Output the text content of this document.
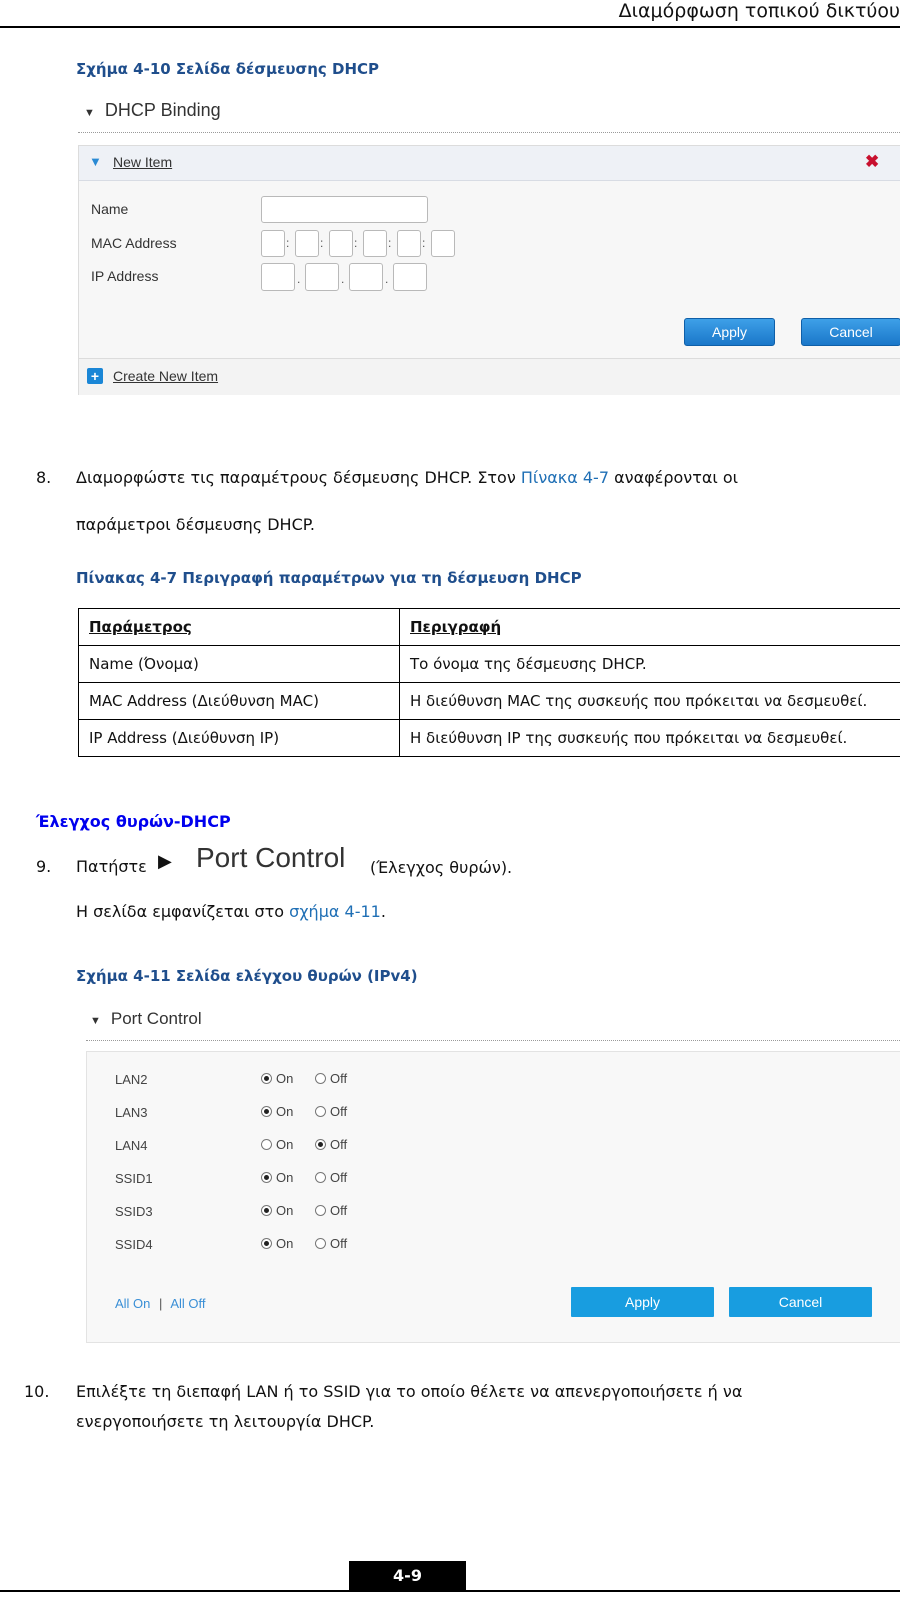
Διαμόρφωση τοπικού δικτύου
Σχήμα 4-10 Σελίδα δέσμευσης DHCP
▼ DHCP Binding
▼ New Item	✖
Name
MAC Address	:	:	:	:	:
IP Address	.	.	.
Apply	Cancel
+ Create New Item
8. Διαμορφώστε τις παραμέτρους δέσμευσης DHCP. Στον Πίνακα 4-7 αναφέρονται οι
παράμετροι δέσμευσης DHCP.
Πίνακας 4-7 Περιγραφή παραμέτρων για τη δέσμευση DHCP
Παράμετρος	Περιγραφή
Name (Όνομα)	Το όνομα της δέσμευσης DHCP.
MAC Address (Διεύθυνση MAC)	Η διεύθυνση MAC της συσκευής που πρόκειται να δεσμευθεί.
IP Address (Διεύθυνση IP)	Η διεύθυνση IP της συσκευής που πρόκειται να δεσμευθεί.
Έλεγχος θυρών-DHCP
9. Πατήστε ▶ Port Control (Έλεγχος θυρών).
Η σελίδα εμφανίζεται στο σχήμα 4-11.
Σχήμα 4-11 Σελίδα ελέγχου θυρών (IPv4)
▼ Port Control
LAN2	On	Off
LAN3	On	Off
LAN4	On	Off
SSID1	On	Off
SSID3	On	Off
SSID4	On	Off
All On | All Off	Apply	Cancel
10. Επιλέξτε τη διεπαφή LAN ή το SSID για το οποίο θέλετε να απενεργοποιήσετε ή να
ενεργοποιήσετε τη λειτουργία DHCP.
4-9
